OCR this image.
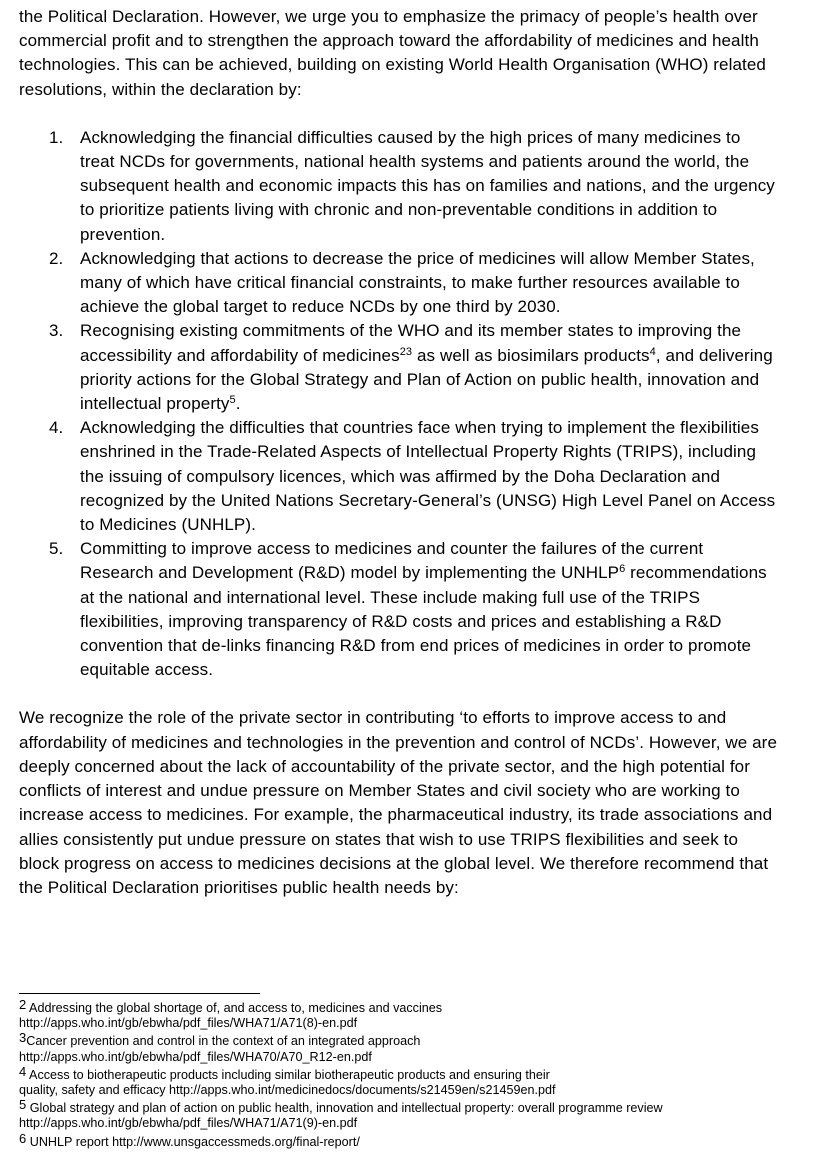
the Political Declaration. However, we urge you to emphasize the primacy of people’s health over commercial profit and to strengthen the approach toward the affordability of medicines and health technologies. This can be achieved, building on existing World Health Organisation (WHO) related resolutions, within the declaration by:

1. Acknowledging the financial difficulties caused by the high prices of many medicines to treat NCDs for governments, national health systems and patients around the world, the subsequent health and economic impacts this has on families and nations, and the urgency to prioritize patients living with chronic and non-preventable conditions in addition to prevention.
2. Acknowledging that actions to decrease the price of medicines will allow Member States, many of which have critical financial constraints, to make further resources available to achieve the global target to reduce NCDs by one third by 2030.
3. Recognising existing commitments of the WHO and its member states to improving the accessibility and affordability of medicines$^{23}$ as well as biosimilars products$^4$, and delivering priority actions for the Global Strategy and Plan of Action on public health, innovation and intellectual property$^5$.
4. Acknowledging the difficulties that countries face when trying to implement the flexibilities enshrined in the Trade-Related Aspects of Intellectual Property Rights (TRIPS), including the issuing of compulsory licences, which was affirmed by the Doha Declaration and recognized by the United Nations Secretary-General’s (UNSG) High Level Panel on Access to Medicines (UNHLP).
5. Committing to improve access to medicines and counter the failures of the current Research and Development (R&D) model by implementing the UNHLP$^6$ recommendations at the national and international level. These include making full use of the TRIPS flexibilities, improving transparency of R&D costs and prices and establishing a R&D convention that de-links financing R&D from end prices of medicines in order to promote equitable access.

We recognize the role of the private sector in contributing ‘to efforts to improve access to and affordability of medicines and technologies in the prevention and control of NCDs’. However, we are deeply concerned about the lack of accountability of the private sector, and the high potential for conflicts of interest and undue pressure on Member States and civil society who are working to increase access to medicines. For example, the pharmaceutical industry, its trade associations and allies consistently put undue pressure on states that wish to use TRIPS flexibilities and seek to block progress on access to medicines decisions at the global level. We therefore recommend that the Political Declaration prioritises public health needs by:

$^2$ Addressing the global shortage of, and access to, medicines and vaccines
http://apps.who.int/gb/ebwha/pdf_files/WHA71/A71(8)-en.pdf

$^3$Cancer prevention and control in the context of an integrated approach
http://apps.who.int/gb/ebwha/pdf_files/WHA70/A70_R12-en.pdf

$^4$ Access to biotherapeutic products including similar biotherapeutic products and ensuring their
quality, safety and efficacy http://apps.who.int/medicinedocs/documents/s21459en/s21459en.pdf

$^5$ Global strategy and plan of action on public health, innovation and intellectual property: overall programme review
http://apps.who.int/gb/ebwha/pdf_files/WHA71/A71(9)-en.pdf

$^6$ UNHLP report http://www.unsgaccessmeds.org/final-report/
